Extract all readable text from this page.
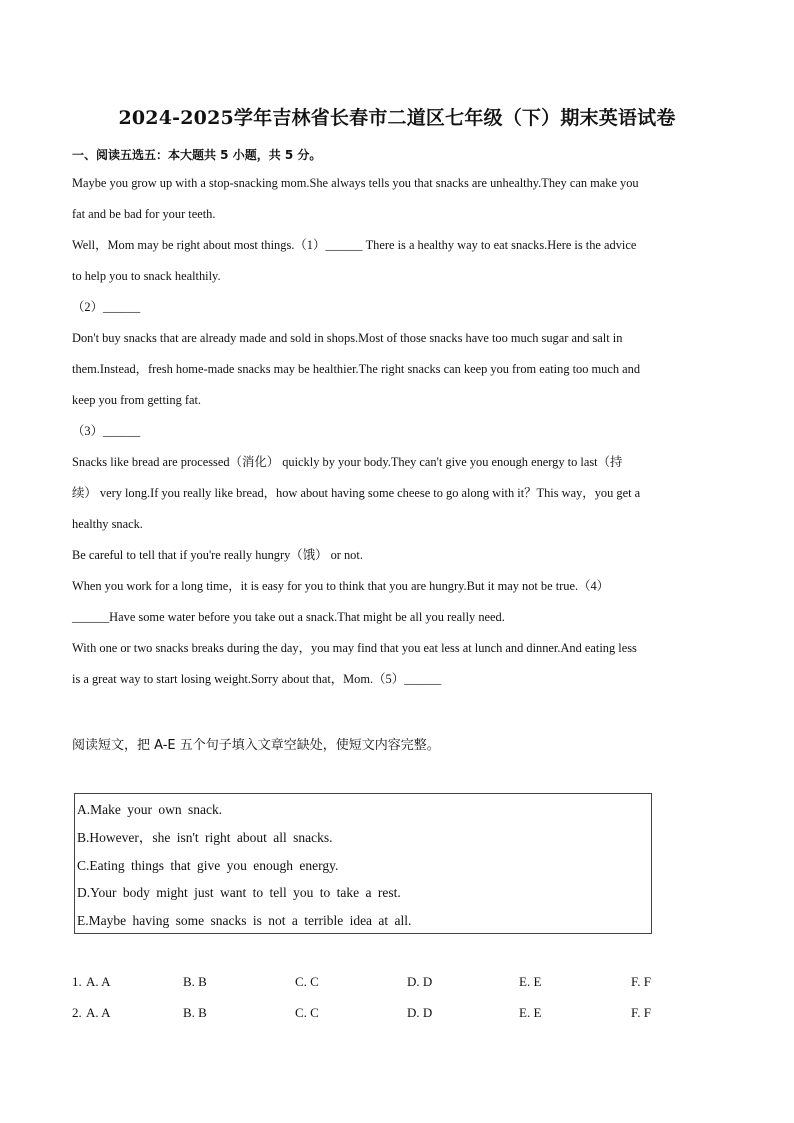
2024-2025学年吉林省长春市二道区七年级（下）期末英语试卷
一、阅读五选五：本大题共 5 小题，共 5 分。
Maybe you grow up with a stop-snacking mom.She always tells you that snacks are unhealthy.They can make you
fat and be bad for your teeth.
Well，Mom may be right about most things.（1）______ There is a healthy way to eat snacks.Here is the advice
to help you to snack healthily.
（2）______
Don't buy snacks that are already made and sold in shops.Most of those snacks have too much sugar and salt in
them.Instead，fresh home-made snacks may be healthier.The right snacks can keep you from eating too much and
keep you from getting fat.
（3）______
Snacks like bread are processed（消化） quickly by your body.They can't give you enough energy to last（持
续） very long.If you really like bread，how about having some cheese to go along with it？This way，you get a
healthy snack.
Be careful to tell that if you're really hungry（饿） or not.
When you work for a long time，it is easy for you to think that you are hungry.But it may not be true.（4）
______Have some water before you take out a snack.That might be all you really need.
With one or two snacks breaks during the day，you may find that you eat less at lunch and dinner.And eating less
is a great way to start losing weight.Sorry about that，Mom.（5）______
阅读短文，把 A-E 五个句子填入文章空缺处，使短文内容完整。
A.Make your own snack.
B.However，she isn't right about all snacks.
C.Eating things that give you enough energy.
D.Your body might just want to tell you to take a rest.
E.Maybe having some snacks is not a terrible idea at all.
1. A. A	B. B	C. C	D. D	E. E	F. F
2. A. A	B. B	C. C	D. D	E. E	F. F
